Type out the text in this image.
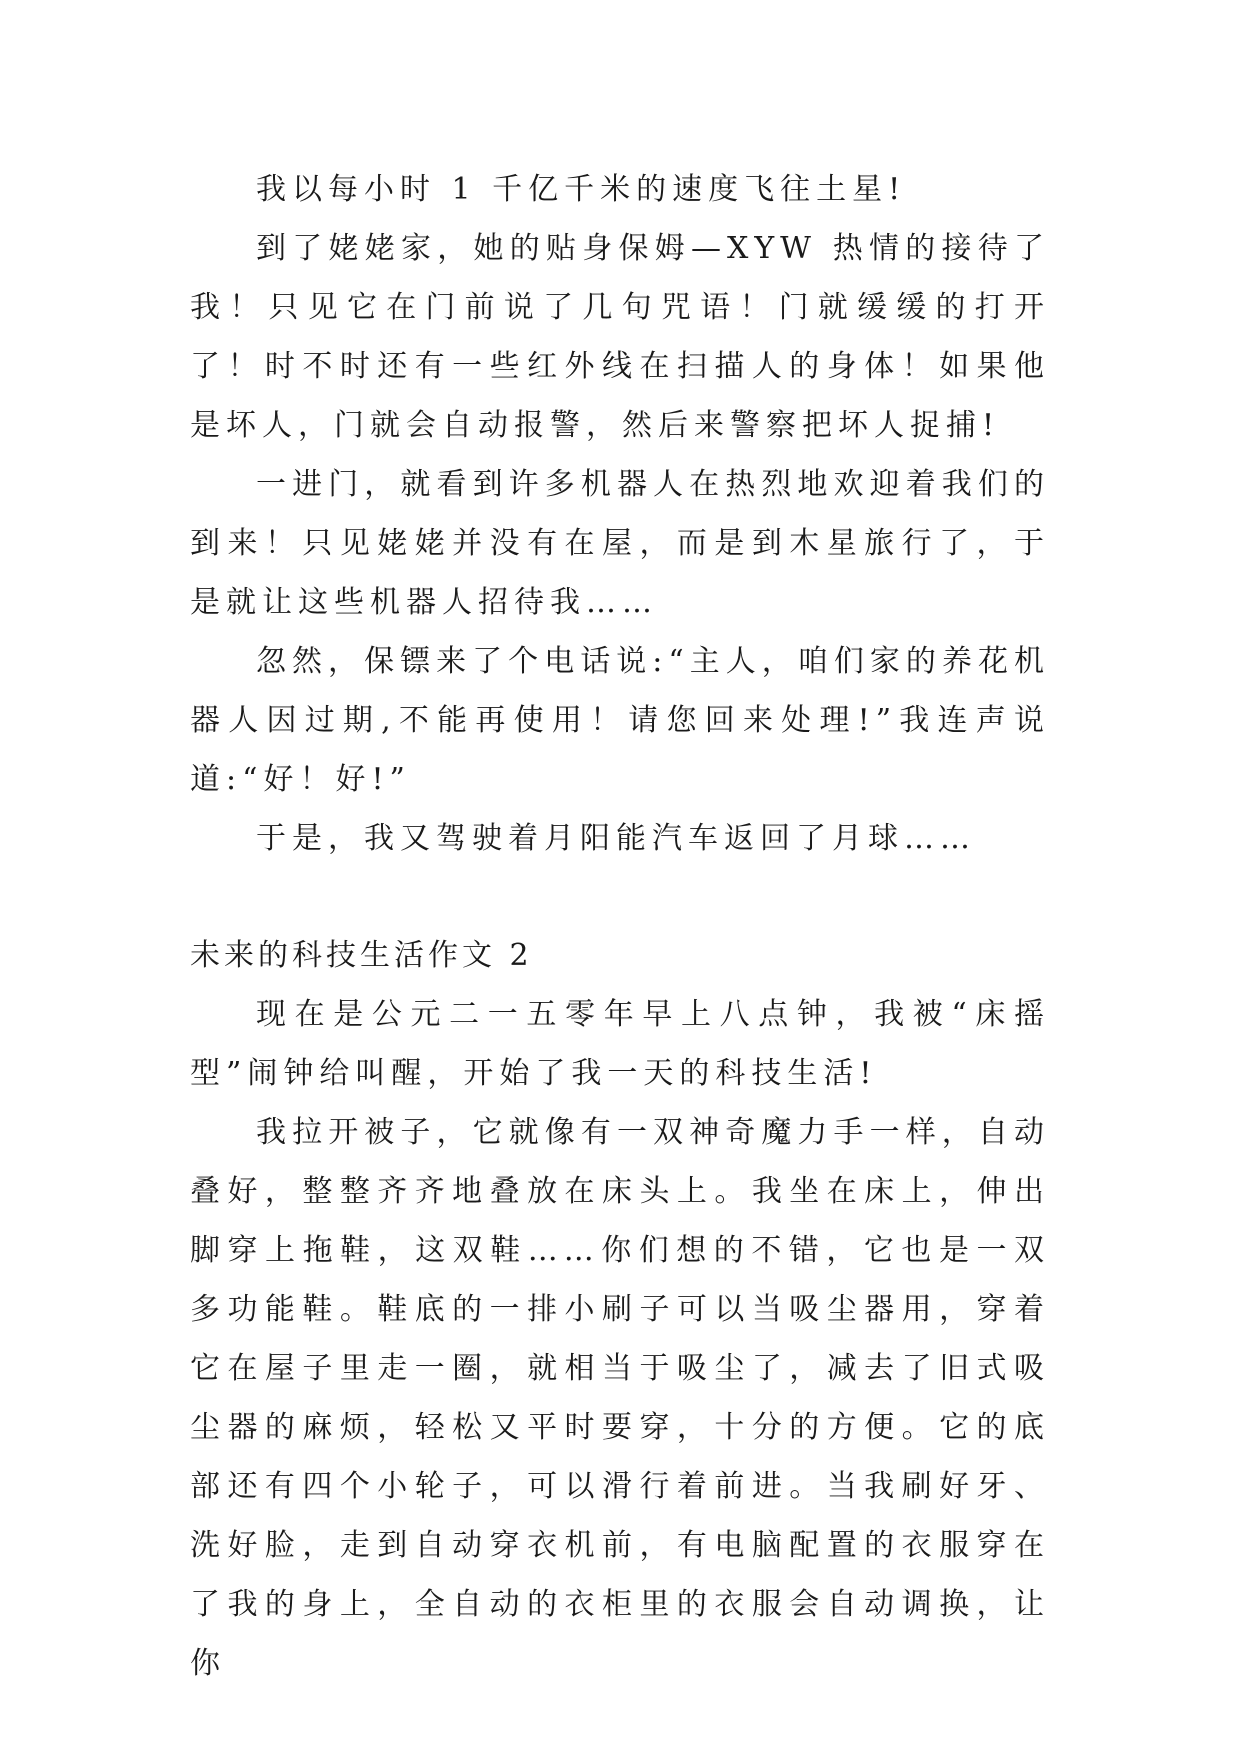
我以每小时 1 千亿千米的速度飞往土星!

到了姥姥家，她的贴身保姆—XYW 热情的接待了我！只见它在门前说了几句咒语！门就缓缓的打开了！时不时还有一些红外线在扫描人的身体！如果他是坏人，门就会自动报警，然后来警察把坏人捉捕!

一进门，就看到许多机器人在热烈地欢迎着我们的到来！只见姥姥并没有在屋，而是到木星旅行了，于是就让这些机器人招待我……

忽然，保镖来了个电话说:“主人，咱们家的养花机器人因过期,不能再使用！请您回来处理!”我连声说道:“好！好!”

于是，我又驾驶着月阳能汽车返回了月球……

未来的科技生活作文 2

现在是公元二一五零年早上八点钟，我被“床摇型”闹钟给叫醒，开始了我一天的科技生活!

我拉开被子，它就像有一双神奇魔力手一样，自动叠好，整整齐齐地叠放在床头上。我坐在床上，伸出脚穿上拖鞋，这双鞋……你们想的不错，它也是一双多功能鞋。鞋底的一排小刷子可以当吸尘器用，穿着它在屋子里走一圈，就相当于吸尘了，减去了旧式吸尘器的麻烦，轻松又平时要穿，十分的方便。它的底部还有四个小轮子，可以滑行着前进。当我刷好牙、洗好脸，走到自动穿衣机前，有电脑配置的衣服穿在了我的身上，全自动的衣柜里的衣服会自动调换，让你
